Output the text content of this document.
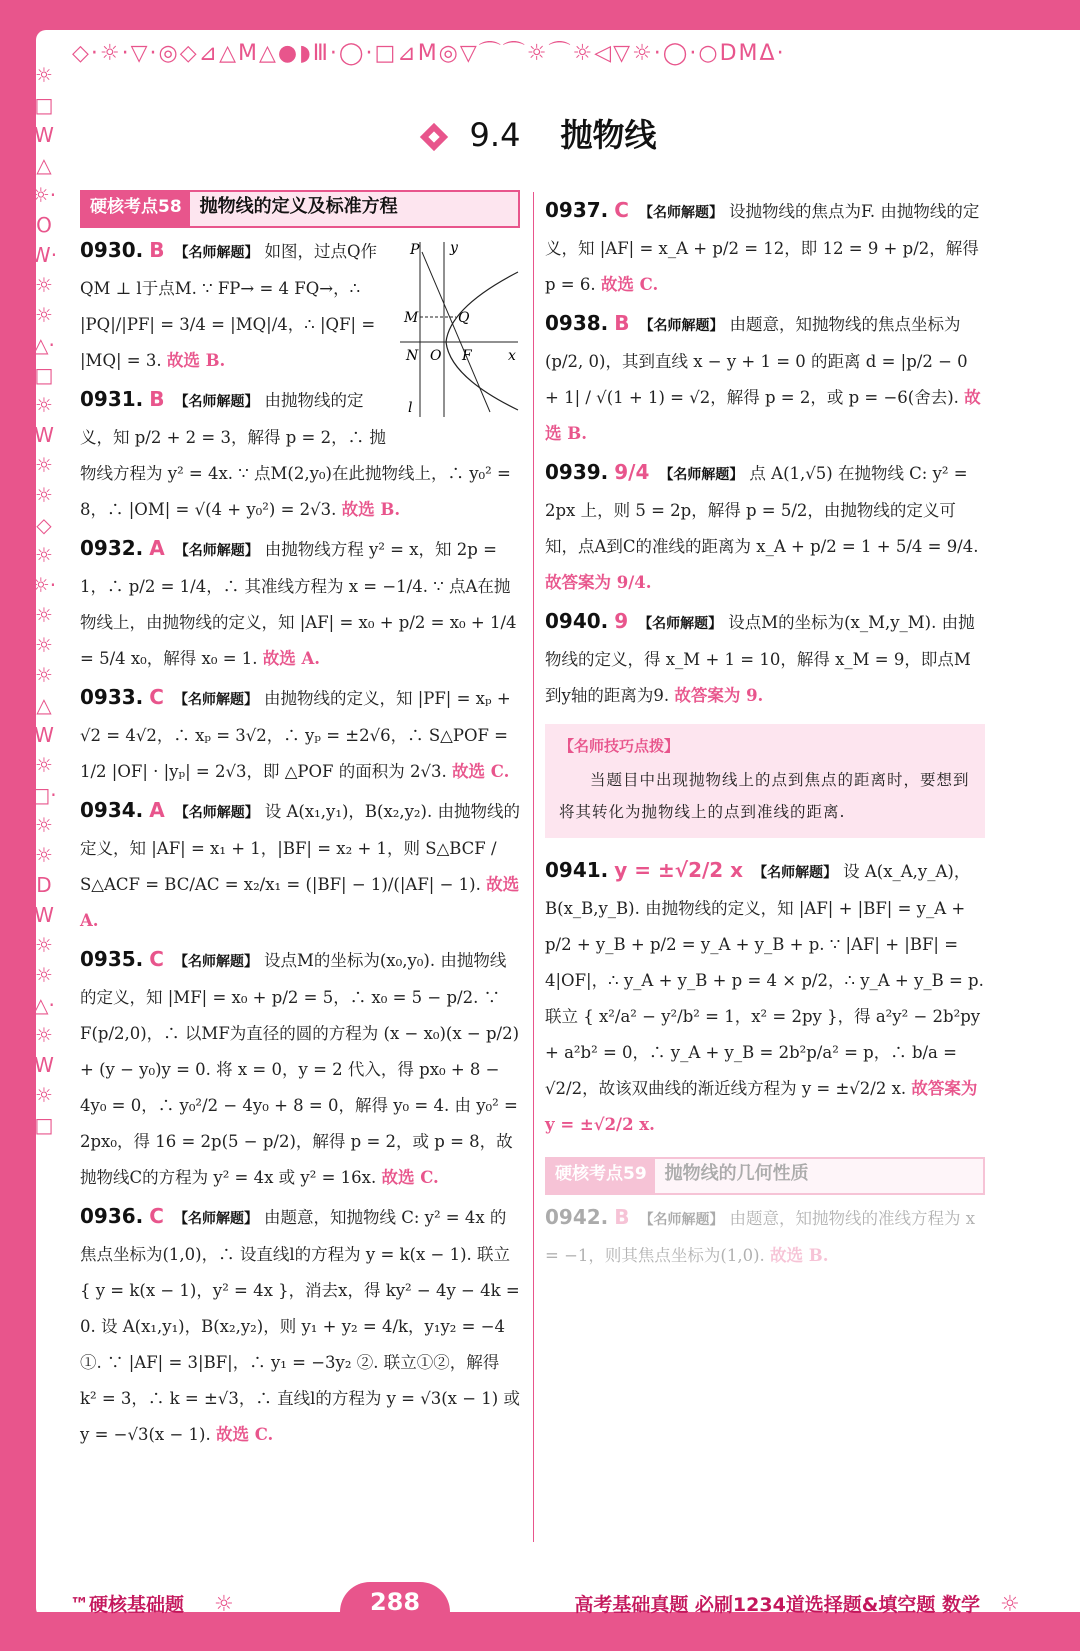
◇·☼·▽·◎◇⊿△M△●◗Ⅲ·◯·□⊿M◎▽⌒⌒☼⌒☼◁▽☼·◯·○DMΔ·
☼□W△☼·ΟW·☼☼△·□☼W☼☼◇☼☼·☼☼☼△W☼□·☼☼DW☼☼△·☼W☼□
9.4 抛物线
硬核考点58	抛物线的定义及标准方程
P y
M	Q
N O F	x
l
0930. B 【名师解题】 如图，过点Q作QM ⊥ l于点M. ∵ FP→ = 4 FQ→，∴ |PQ|/|PF| = 3/4 = |MQ|/4，∴ |QF| = |MQ| = 3. 故选 B.
0931. B 【名师解题】 由抛物线的定义，知 p/2 + 2 = 3，解得 p = 2，∴ 抛物线方程为 y² = 4x. ∵ 点M(2,y₀)在此抛物线上，∴ y₀² = 8，∴ |OM| = √(4 + y₀²) = 2√3. 故选 B.
0932. A 【名师解题】 由抛物线方程 y² = x，知 2p = 1，∴ p/2 = 1/4，∴ 其准线方程为 x = −1/4. ∵ 点A在抛物线上，由抛物线的定义，知 |AF| = x₀ + p/2 = x₀ + 1/4 = 5/4 x₀，解得 x₀ = 1. 故选 A.
0933. C 【名师解题】 由抛物线的定义，知 |PF| = xₚ + √2 = 4√2，∴ xₚ = 3√2，∴ yₚ = ±2√6，∴ S△POF = 1/2 |OF| · |yₚ| = 2√3，即 △POF 的面积为 2√3. 故选 C.
0934. A 【名师解题】 设 A(x₁,y₁)，B(x₂,y₂). 由抛物线的定义，知 |AF| = x₁ + 1，|BF| = x₂ + 1，则 S△BCF / S△ACF = BC/AC = x₂/x₁ = (|BF| − 1)/(|AF| − 1). 故选 A.
0935. C 【名师解题】 设点M的坐标为(x₀,y₀). 由抛物线的定义，知 |MF| = x₀ + p/2 = 5，∴ x₀ = 5 − p/2. ∵ F(p/2,0)，∴ 以MF为直径的圆的方程为 (x − x₀)(x − p/2) + (y − y₀)y = 0. 将 x = 0，y = 2 代入，得 px₀ + 8 − 4y₀ = 0，∴ y₀²/2 − 4y₀ + 8 = 0，解得 y₀ = 4. 由 y₀² = 2px₀，得 16 = 2p(5 − p/2)，解得 p = 2，或 p = 8，故抛物线C的方程为 y² = 4x 或 y² = 16x. 故选 C.
0936. C 【名师解题】 由题意，知抛物线 C: y² = 4x 的焦点坐标为(1,0)，∴ 设直线l的方程为 y = k(x − 1). 联立 { y = k(x − 1)，y² = 4x }，消去x，得 ky² − 4y − 4k = 0. 设 A(x₁,y₁)，B(x₂,y₂)，则 y₁ + y₂ = 4/k，y₁y₂ = −4 ①. ∵ |AF| = 3|BF|，∴ y₁ = −3y₂ ②. 联立①②，解得 k² = 3，∴ k = ±√3，∴ 直线l的方程为 y = √3(x − 1) 或 y = −√3(x − 1). 故选 C.
0937. C 【名师解题】 设抛物线的焦点为F. 由抛物线的定义，知 |AF| = x_A + p/2 = 12，即 12 = 9 + p/2，解得 p = 6. 故选 C.
0938. B 【名师解题】 由题意，知抛物线的焦点坐标为 (p/2, 0)，其到直线 x − y + 1 = 0 的距离 d = |p/2 − 0 + 1| / √(1 + 1) = √2，解得 p = 2，或 p = −6(舍去). 故选 B.
0939. 9/4 【名师解题】 点 A(1,√5) 在抛物线 C: y² = 2px 上，则 5 = 2p，解得 p = 5/2，由抛物线的定义可知，点A到C的准线的距离为 x_A + p/2 = 1 + 5/4 = 9/4. 故答案为 9/4.
0940. 9 【名师解题】 设点M的坐标为(x_M,y_M). 由抛物线的定义，得 x_M + 1 = 10，解得 x_M = 9，即点M到y轴的距离为9. 故答案为 9.
【名师技巧点拨】
当题目中出现抛物线上的点到焦点的距离时，要想到将其转化为抛物线上的点到准线的距离.
0941. y = ±√2/2 x 【名师解题】 设 A(x_A,y_A)，B(x_B,y_B). 由抛物线的定义，知 |AF| + |BF| = y_A + p/2 + y_B + p/2 = y_A + y_B + p. ∵ |AF| + |BF| = 4|OF|，∴ y_A + y_B + p = 4 × p/2，∴ y_A + y_B = p. 联立 { x²/a² − y²/b² = 1，x² = 2py }，得 a²y² − 2b²py + a²b² = 0，∴ y_A + y_B = 2b²p/a² = p，∴ b/a = √2/2，故该双曲线的渐近线方程为 y = ±√2/2 x. 故答案为 y = ±√2/2 x.
硬核考点59	抛物线的几何性质
0942. B 【名师解题】 由题意，知抛物线的准线方程为 x = −1，则其焦点坐标为(1,0). 故选 B.
™硬核基础题 ☼	288	高考基础真题 必刷1234道选择题&填空题 数学 ☼
